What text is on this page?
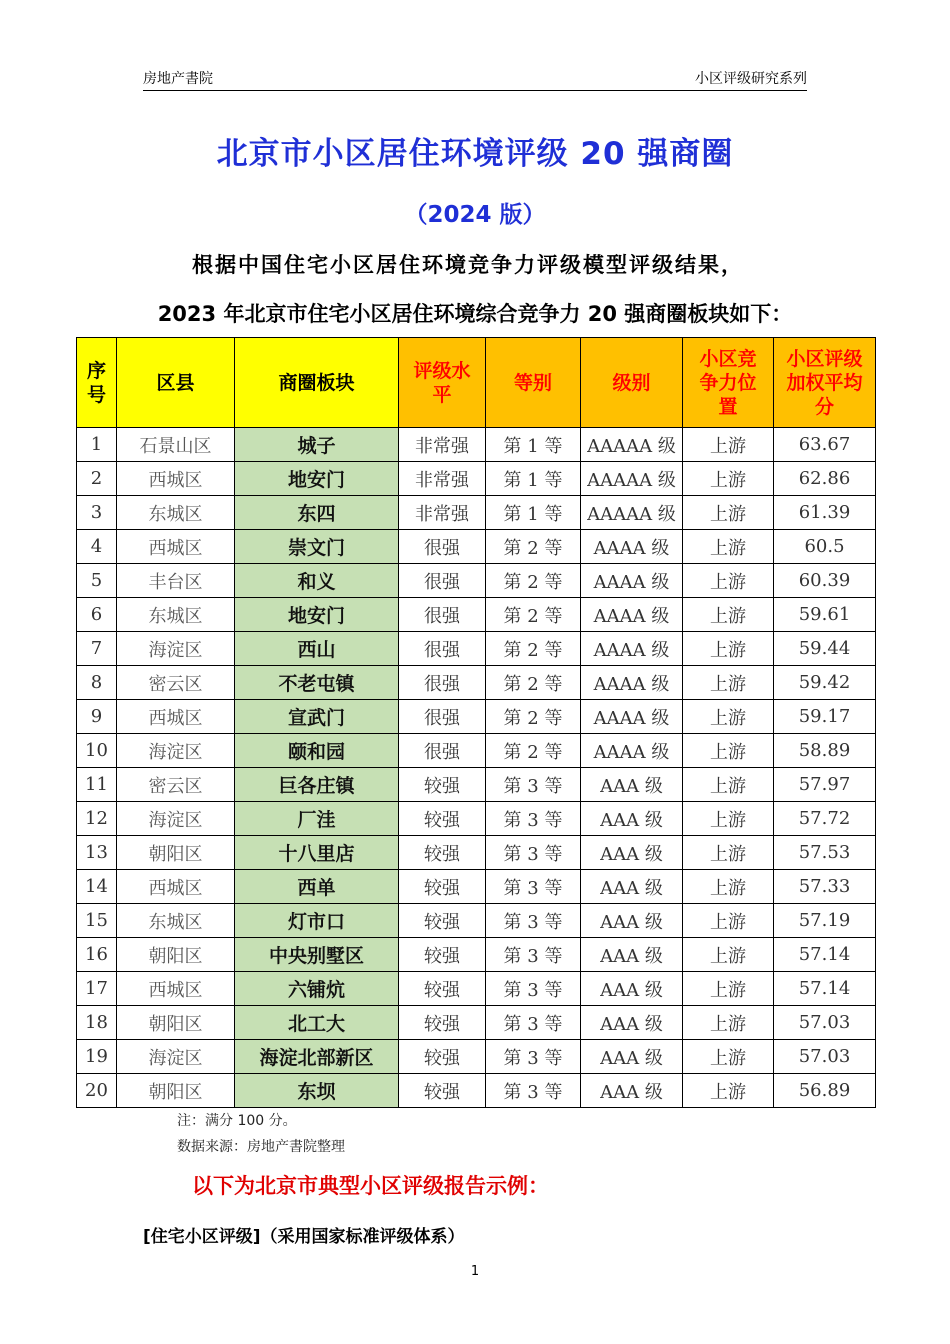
房地产書院	小区评级研究系列
北京市小区居住环境评级 20 强商圈
（2024 版）
根据中国住宅小区居住环境竞争力评级模型评级结果，
2023 年北京市住宅小区居住环境综合竞争力 20 强商圈板块如下：
序号	区县	商圈板块	评级水平	等别	级别	小区竞争力位置	小区评级加权平均分
1	石景山区	城子	非常强	第 1 等	AAAAA 级	上游	63.67
2	西城区	地安门	非常强	第 1 等	AAAAA 级	上游	62.86
3	东城区	东四	非常强	第 1 等	AAAAA 级	上游	61.39
4	西城区	崇文门	很强	第 2 等	AAAA 级	上游	60.5
5	丰台区	和义	很强	第 2 等	AAAA 级	上游	60.39
6	东城区	地安门	很强	第 2 等	AAAA 级	上游	59.61
7	海淀区	西山	很强	第 2 等	AAAA 级	上游	59.44
8	密云区	不老屯镇	很强	第 2 等	AAAA 级	上游	59.42
9	西城区	宣武门	很强	第 2 等	AAAA 级	上游	59.17
10	海淀区	颐和园	很强	第 2 等	AAAA 级	上游	58.89
11	密云区	巨各庄镇	较强	第 3 等	AAA 级	上游	57.97
12	海淀区	厂洼	较强	第 3 等	AAA 级	上游	57.72
13	朝阳区	十八里店	较强	第 3 等	AAA 级	上游	57.53
14	西城区	西单	较强	第 3 等	AAA 级	上游	57.33
15	东城区	灯市口	较强	第 3 等	AAA 级	上游	57.19
16	朝阳区	中央别墅区	较强	第 3 等	AAA 级	上游	57.14
17	西城区	六铺炕	较强	第 3 等	AAA 级	上游	57.14
18	朝阳区	北工大	较强	第 3 等	AAA 级	上游	57.03
19	海淀区	海淀北部新区	较强	第 3 等	AAA 级	上游	57.03
20	朝阳区	东坝	较强	第 3 等	AAA 级	上游	56.89
注：满分 100 分。
数据来源：房地产書院整理
以下为北京市典型小区评级报告示例：
[住宅小区评级]（采用国家标准评级体系）
1
